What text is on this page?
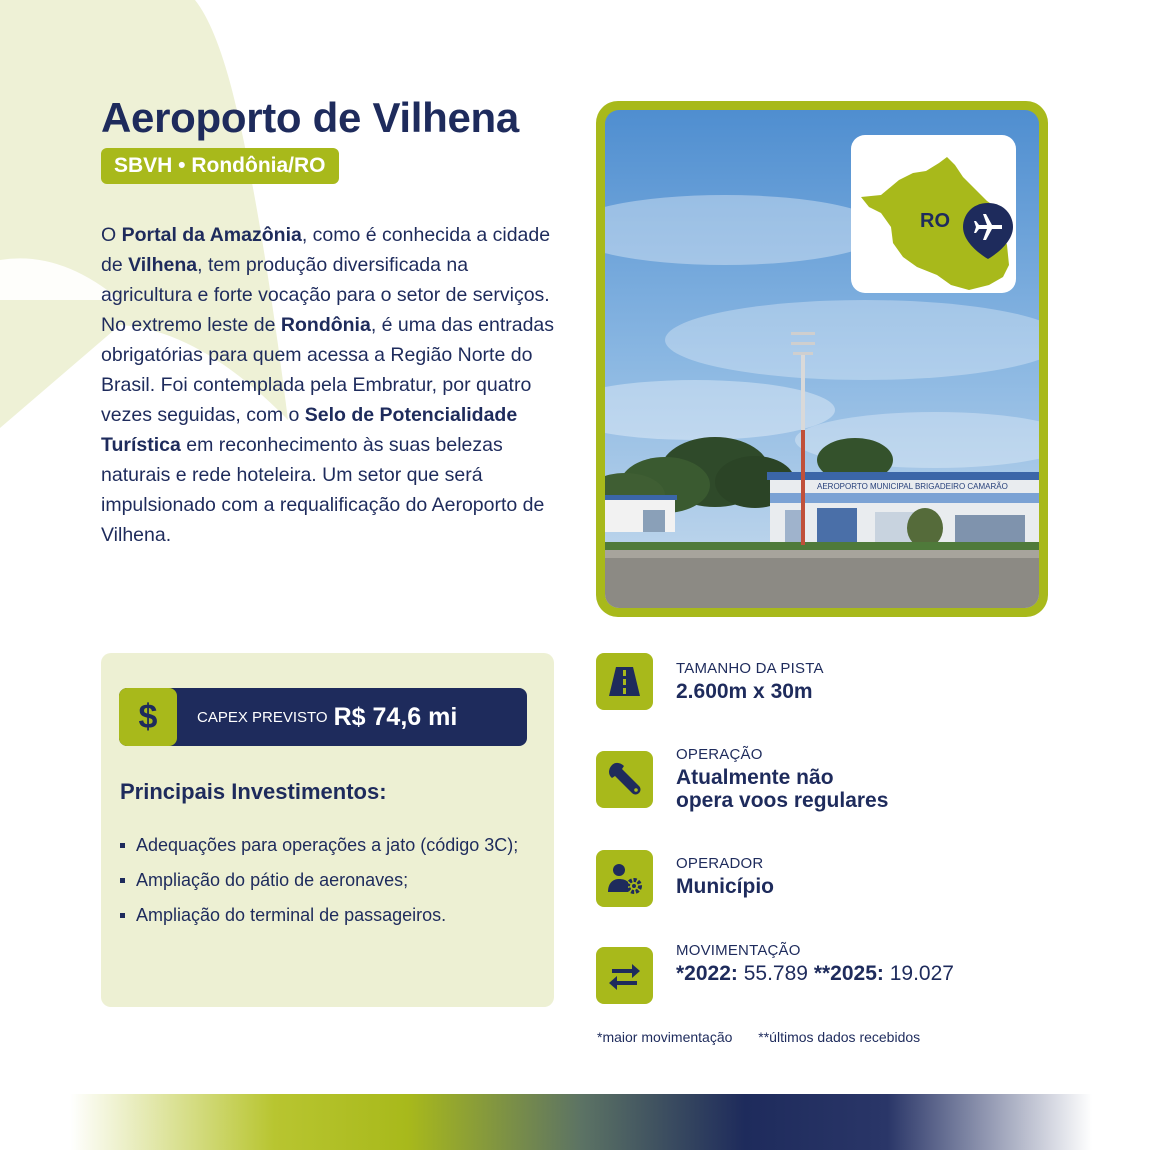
Aeroporto de Vilhena
SBVH • Rondônia/RO

O Portal da Amazônia, como é conhecida a cidade de Vilhena, tem produção diversificada na agricultura e forte vocação para o setor de serviços. No extremo leste de Rondônia, é uma das entradas obrigatórias para quem acessa a Região Norte do Brasil. Foi contemplada pela Embratur, por quatro vezes seguidas, com o Selo de Potencialidade Turística em reconhecimento às suas belezas naturais e rede hoteleira. Um setor que será impulsionado com a requalificação do Aeroporto de Vilhena.

AEROPORTO MUNICIPAL BRIGADEIRO CAMARÃO
RO
$	CAPEX PREVISTO R$ 74,6 mi
Principais Investimentos:
Adequações para operações a jato (código 3C);
Ampliação do pátio de aeronaves;
Ampliação do terminal de passageiros.
TAMANHO DA PISTA
2.600m x 30m
OPERAÇÃO
Atualmente não
opera voos regulares
OPERADOR
Município
MOVIMENTAÇÃO
*2022: 55.789 **2025: 19.027
*maior movimentação **últimos dados recebidos
